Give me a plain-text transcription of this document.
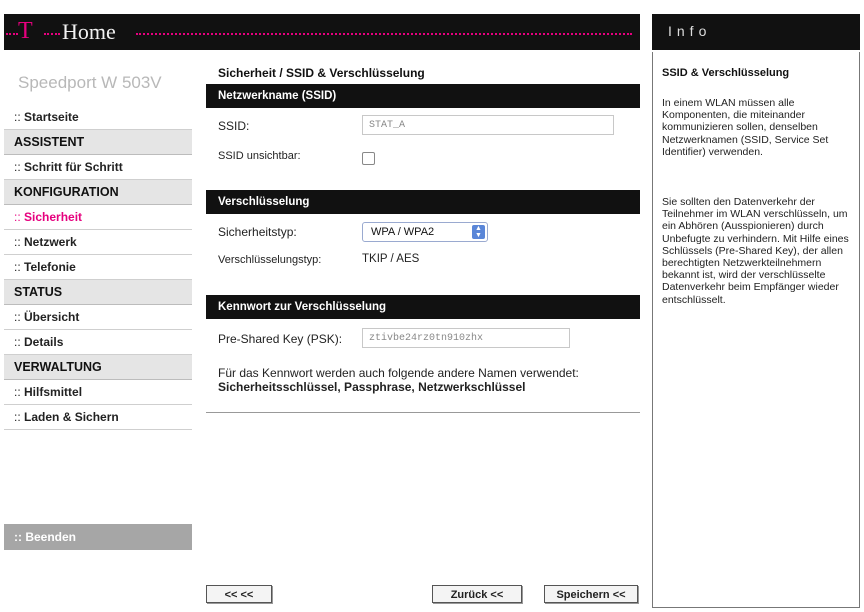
T Home	Info
Speedport W 503V
:: Startseite
ASSISTENT
:: Schritt für Schritt
KONFIGURATION
:: Sicherheit
:: Netzwerk
:: Telefonie
STATUS
:: Übersicht
:: Details
VERWALTUNG
:: Hilfsmittel
:: Laden & Sichern
:: Beenden
Sicherheit / SSID & Verschlüsselung
Netzwerkname (SSID)
SSID:	STAT_A
SSID unsichtbar:
Verschlüsselung
Sicherheitstyp:	WPA / WPA2	▲
▼
Verschlüsselungstyp:	TKIP / AES
Kennwort zur Verschlüsselung
Pre-Shared Key (PSK):	ztivbe24rz0tn910zhx
Für das Kennwort werden auch folgende andere Namen verwendet:
Sicherheitsschlüssel, Passphrase, Netzwerkschlüssel
<< <<	Zurück <<	Speichern <<
SSID & Verschlüsselung
In einem WLAN müssen alle Komponenten, die miteinander kommunizieren sollen, denselben Netzwerknamen (SSID, Service Set Identifier) verwenden.
Sie sollten den Datenverkehr der Teilnehmer im WLAN verschlüsseln, um ein Abhören (Ausspionieren) durch Unbefugte zu verhindern. Mit Hilfe eines Schlüssels (Pre-Shared Key), der allen berechtigten Netzwerkteilnehmern bekannt ist, wird der verschlüsselte Datenverkehr beim Empfänger wieder entschlüsselt.
